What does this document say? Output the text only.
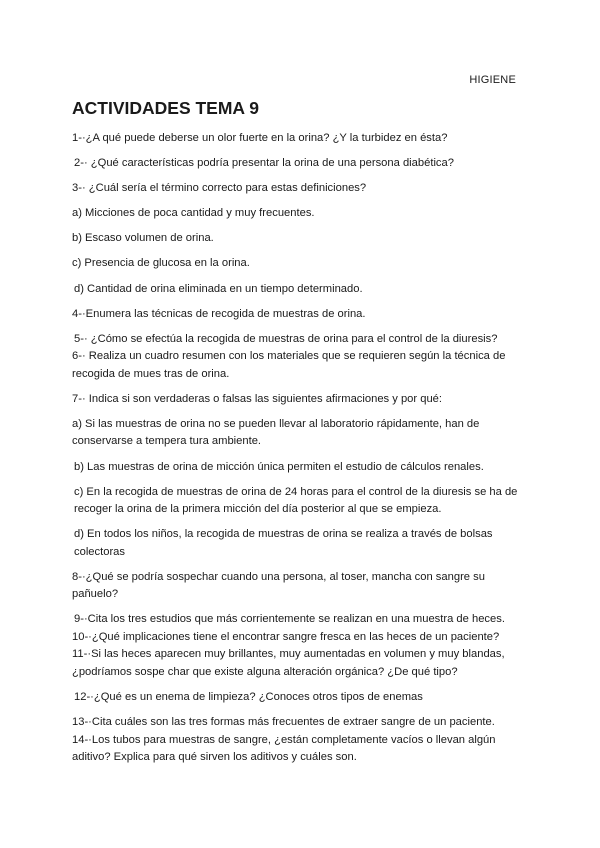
HIGIENE
ACTIVIDADES TEMA 9

1‐·¿A qué puede deberse un olor fuerte en la orina? ¿Y la turbidez en ésta?

2‐· ¿Qué características podría presentar la orina de una persona diabética?

3‐· ¿Cuál sería el término correcto para estas definiciones?

a) Micciones de poca cantidad y muy frecuentes.

b) Escaso volumen de orina.

c) Presencia de glucosa en la orina.

d) Cantidad de orina eliminada en un tiempo determinado.

4‐·Enumera las técnicas de recogida de muestras de orina.

5‐· ¿Cómo se efectúa la recogida de muestras de orina para el control de la diuresis?

6‐· Realiza un cuadro resumen con los materiales que se requieren según la técnica de recogida de mues tras de orina.

7‐· Indica si son verdaderas o falsas las siguientes afirmaciones y por qué:

a) Si las muestras de orina no se pueden llevar al laboratorio rápidamente, han de conservarse a tempera tura ambiente.

b) Las muestras de orina de micción única permiten el estudio de cálculos renales.

c) En la recogida de muestras de orina de 24 horas para el control de la diuresis se ha de recoger la orina de la primera micción del día posterior al que se empieza.

d) En todos los niños, la recogida de muestras de orina se realiza a través de bolsas colectoras

8‐·¿Qué se podría sospechar cuando una persona, al toser, mancha con sangre su pañuelo?

9‐·Cita los tres estudios que más corrientemente se realizan en una muestra de heces.

10‐·¿Qué implicaciones tiene el encontrar sangre fresca en las heces de un paciente?

11‐·Si las heces aparecen muy brillantes, muy aumentadas en volumen y muy blandas, ¿podríamos sospe char que existe alguna alteración orgánica? ¿De qué tipo?

12‐·¿Qué es un enema de limpieza? ¿Conoces otros tipos de enemas

13‐·Cita cuáles son las tres formas más frecuentes de extraer sangre de un paciente.

14‐·Los tubos para muestras de sangre, ¿están completamente vacíos o llevan algún aditivo? Explica para qué sirven los aditivos y cuáles son.
